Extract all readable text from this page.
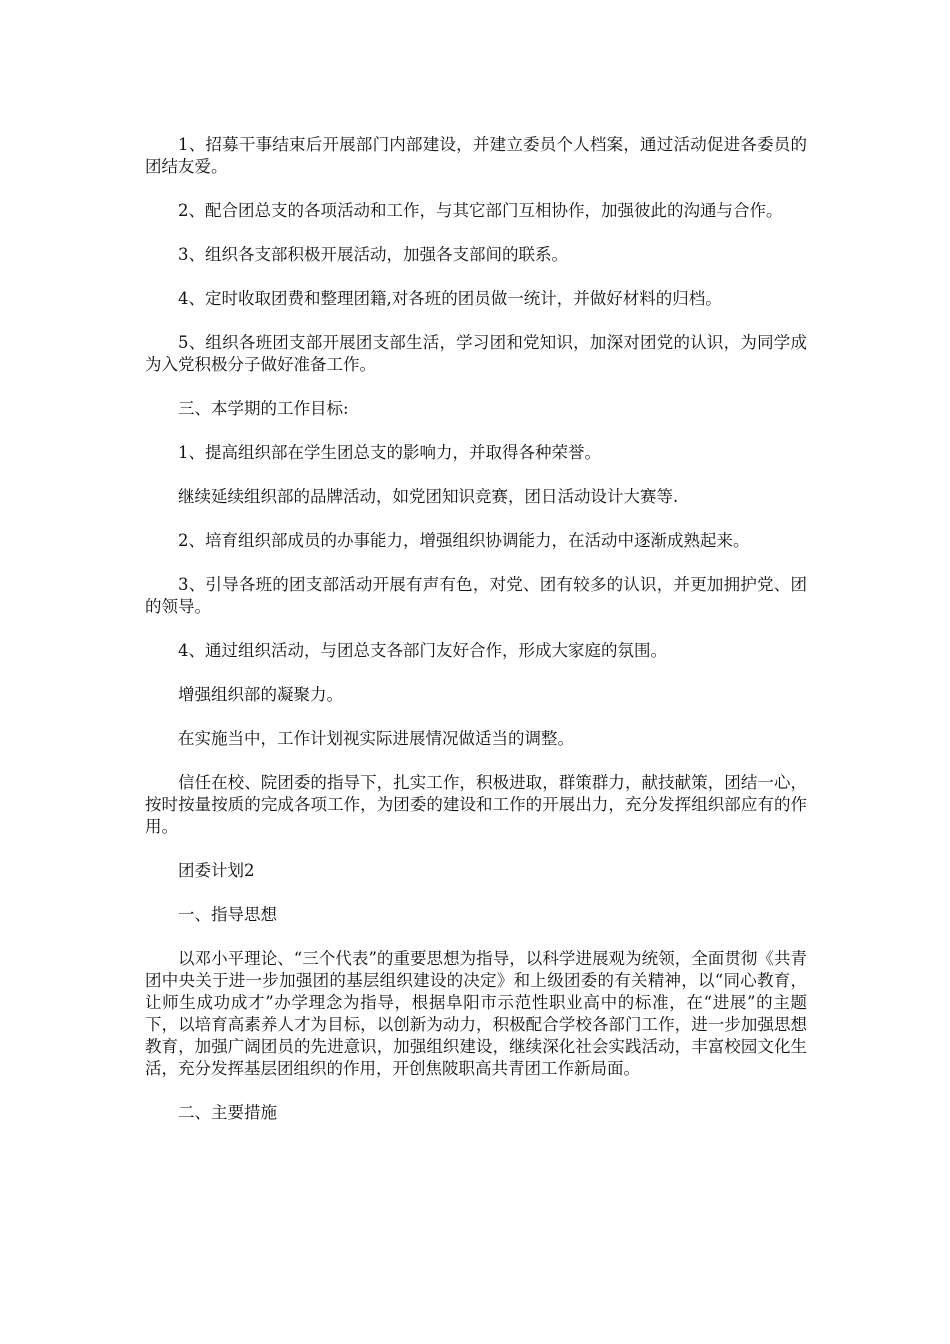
1、招募干事结束后开展部门内部建设，并建立委员个人档案，通过活动促进各委员的团结友爱。

2、配合团总支的各项活动和工作，与其它部门互相协作，加强彼此的沟通与合作。

3、组织各支部积极开展活动，加强各支部间的联系。

4、定时收取团费和整理团籍,对各班的团员做一统计，并做好材料的归档。

5、组织各班团支部开展团支部生活，学习团和党知识，加深对团党的认识，为同学成为入党积极分子做好准备工作。

三、本学期的工作目标:

1、提高组织部在学生团总支的影响力，并取得各种荣誉。

继续延续组织部的品牌活动，如党团知识竞赛，团日活动设计大赛等.

2、培育组织部成员的办事能力，增强组织协调能力，在活动中逐渐成熟起来。

3、引导各班的团支部活动开展有声有色，对党、团有较多的认识，并更加拥护党、团的领导。

4、通过组织活动，与团总支各部门友好合作，形成大家庭的氛围。

增强组织部的凝聚力。

在实施当中，工作计划视实际进展情况做适当的调整。

信任在校、院团委的指导下，扎实工作，积极进取，群策群力，献技献策，团结一心，按时按量按质的完成各项工作，为团委的建设和工作的开展出力，充分发挥组织部应有的作用。

团委计划2

一、指导思想

以邓小平理论、“三个代表”的重要思想为指导，以科学进展观为统领，全面贯彻《共青团中央关于进一步加强团的基层组织建设的决定》和上级团委的有关精神，以“同心教育，让师生成功成才”办学理念为指导，根据阜阳市示范性职业高中的标准，在“进展”的主题下，以培育高素养人才为目标，以创新为动力，积极配合学校各部门工作，进一步加强思想教育，加强广阔团员的先进意识，加强组织建设，继续深化社会实践活动，丰富校园文化生活，充分发挥基层团组织的作用，开创焦陂职高共青团工作新局面。

二、主要措施
